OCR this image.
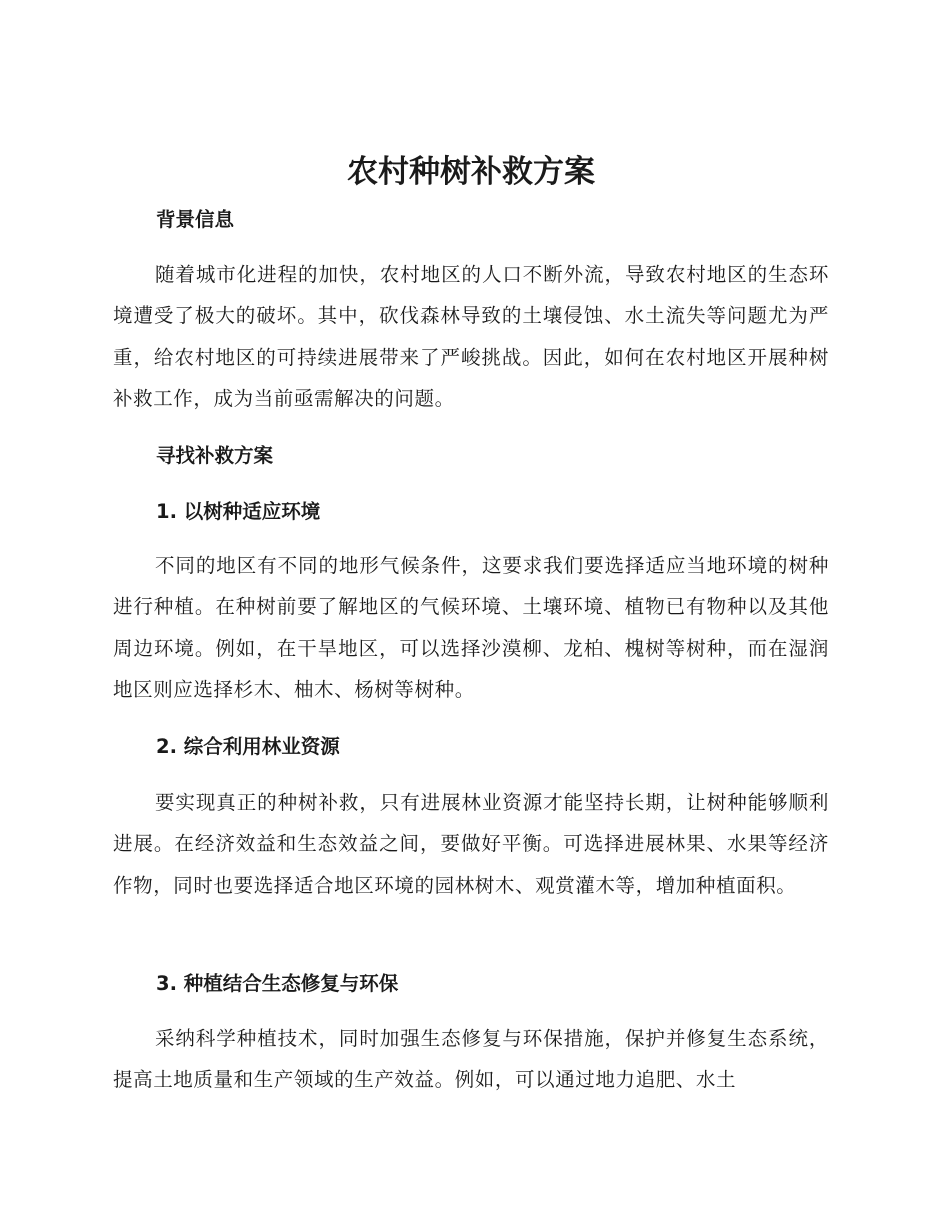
农村种树补救方案
背景信息

随着城市化进程的加快，农村地区的人口不断外流，导致农村地区的生态环境遭受了极大的破坏。其中，砍伐森林导致的土壤侵蚀、水土流失等问题尤为严重，给农村地区的可持续进展带来了严峻挑战。因此，如何在农村地区开展种树补救工作，成为当前亟需解决的问题。

寻找补救方案
1. 以树种适应环境

不同的地区有不同的地形气候条件，这要求我们要选择适应当地环境的树种进行种植。在种树前要了解地区的气候环境、土壤环境、植物已有物种以及其他周边环境。例如，在干旱地区，可以选择沙漠柳、龙柏、槐树等树种，而在湿润地区则应选择杉木、柚木、杨树等树种。

2. 综合利用林业资源

要实现真正的种树补救，只有进展林业资源才能坚持长期，让树种能够顺利进展。在经济效益和生态效益之间，要做好平衡。可选择进展林果、水果等经济作物，同时也要选择适合地区环境的园林树木、观赏灌木等，增加种植面积。

3. 种植结合生态修复与环保

采纳科学种植技术，同时加强生态修复与环保措施，保护并修复生态系统，提高土地质量和生产领域的生产效益。例如，可以通过地力追肥、水土
